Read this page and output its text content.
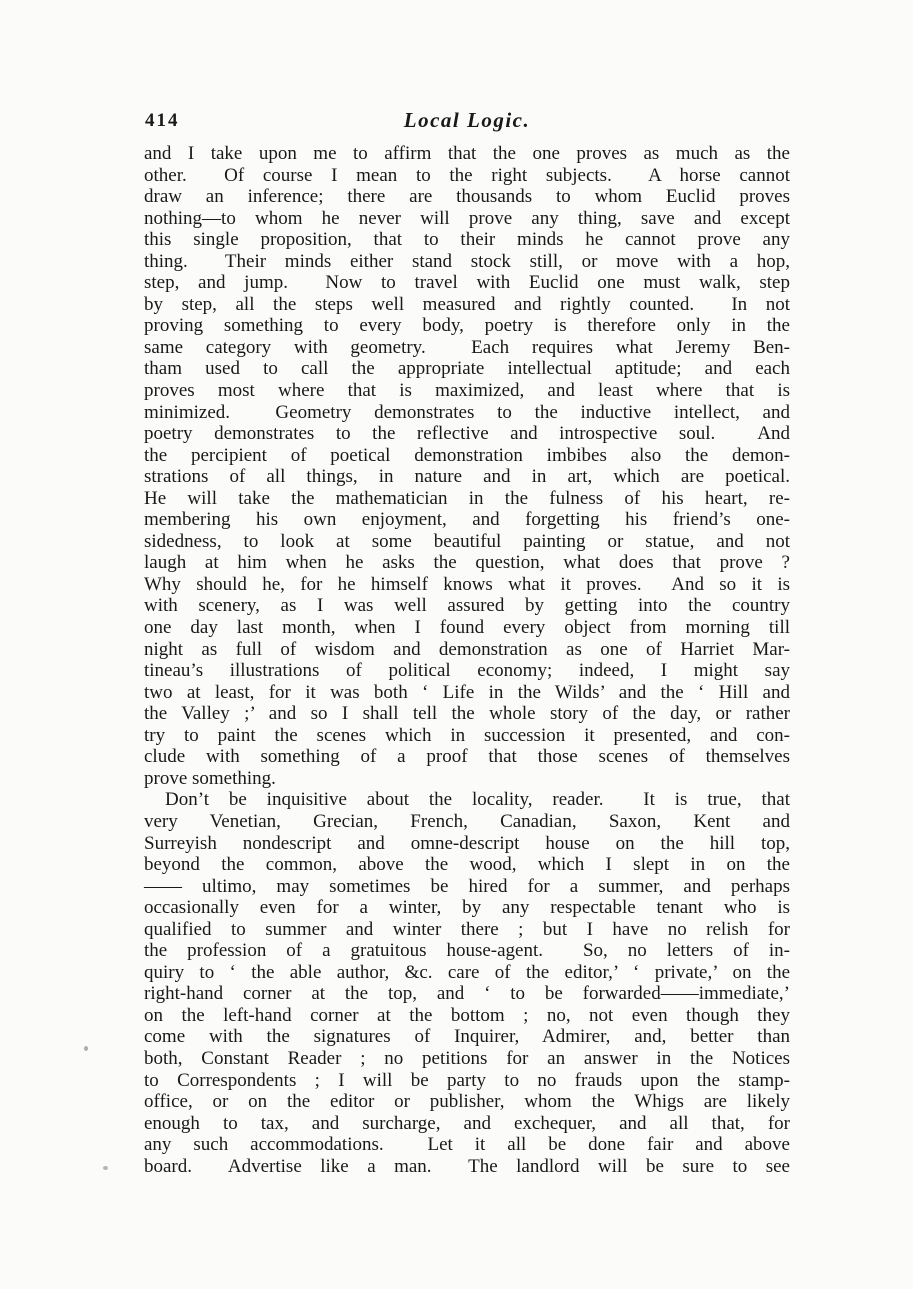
414	Local Logic.
and I take upon me to affirm that the one proves as much as the
other.  Of course I mean to the right subjects.  A horse cannot
draw an inference; there are thousands to whom Euclid proves
nothing—to whom he never will prove any thing, save and except
this single proposition, that to their minds he cannot prove any
thing.  Their minds either stand stock still, or move with a hop,
step, and jump.  Now to travel with Euclid one must walk, step
by step, all the steps well measured and rightly counted.  In not
proving something to every body, poetry is therefore only in the
same category with geometry.  Each requires what Jeremy Ben-
tham used to call the appropriate intellectual aptitude; and each
proves most where that is maximized, and least where that is
minimized.  Geometry demonstrates to the inductive intellect, and
poetry demonstrates to the reflective and introspective soul.  And
the percipient of poetical demonstration imbibes also the demon-
strations of all things, in nature and in art, which are poetical.
He will take the mathematician in the fulness of his heart, re-
membering his own enjoyment, and forgetting his friend’s one-
sidedness, to look at some beautiful painting or statue, and not
laugh at him when he asks the question, what does that prove ?
Why should he, for he himself knows what it proves.  And so it is
with scenery, as I was well assured by getting into the country
one day last month, when I found every object from morning till
night as full of wisdom and demonstration as one of Harriet Mar-
tineau’s illustrations of political economy; indeed, I might say
two at least, for it was both ‘ Life in the Wilds’ and the ‘ Hill and
the Valley ;’ and so I shall tell the whole story of the day, or rather
try to paint the scenes which in succession it presented, and con-
clude with something of a proof that those scenes of themselves
prove something.
Don’t be inquisitive about the locality, reader.  It is true, that
very Venetian, Grecian, French, Canadian, Saxon, Kent and
Surreyish nondescript and omne-descript house on the hill top,
beyond the common, above the wood, which I slept in on the
—— ultimo, may sometimes be hired for a summer, and perhaps
occasionally even for a winter, by any respectable tenant who is
qualified to summer and winter there ; but I have no relish for
the profession of a gratuitous house-agent.  So, no letters of in-
quiry to ‘ the able author, &c. care of the editor,’ ‘ private,’ on the
right-hand corner at the top, and ‘ to be forwarded——immediate,’
on the left-hand corner at the bottom ; no, not even though they
come with the signatures of Inquirer, Admirer, and, better than
both, Constant Reader ; no petitions for an answer in the Notices
to Correspondents ; I will be party to no frauds upon the stamp-
office, or on the editor or publisher, whom the Whigs are likely
enough to tax, and surcharge, and exchequer, and all that, for
any such accommodations.  Let it all be done fair and above
board.  Advertise like a man.  The landlord will be sure to see
